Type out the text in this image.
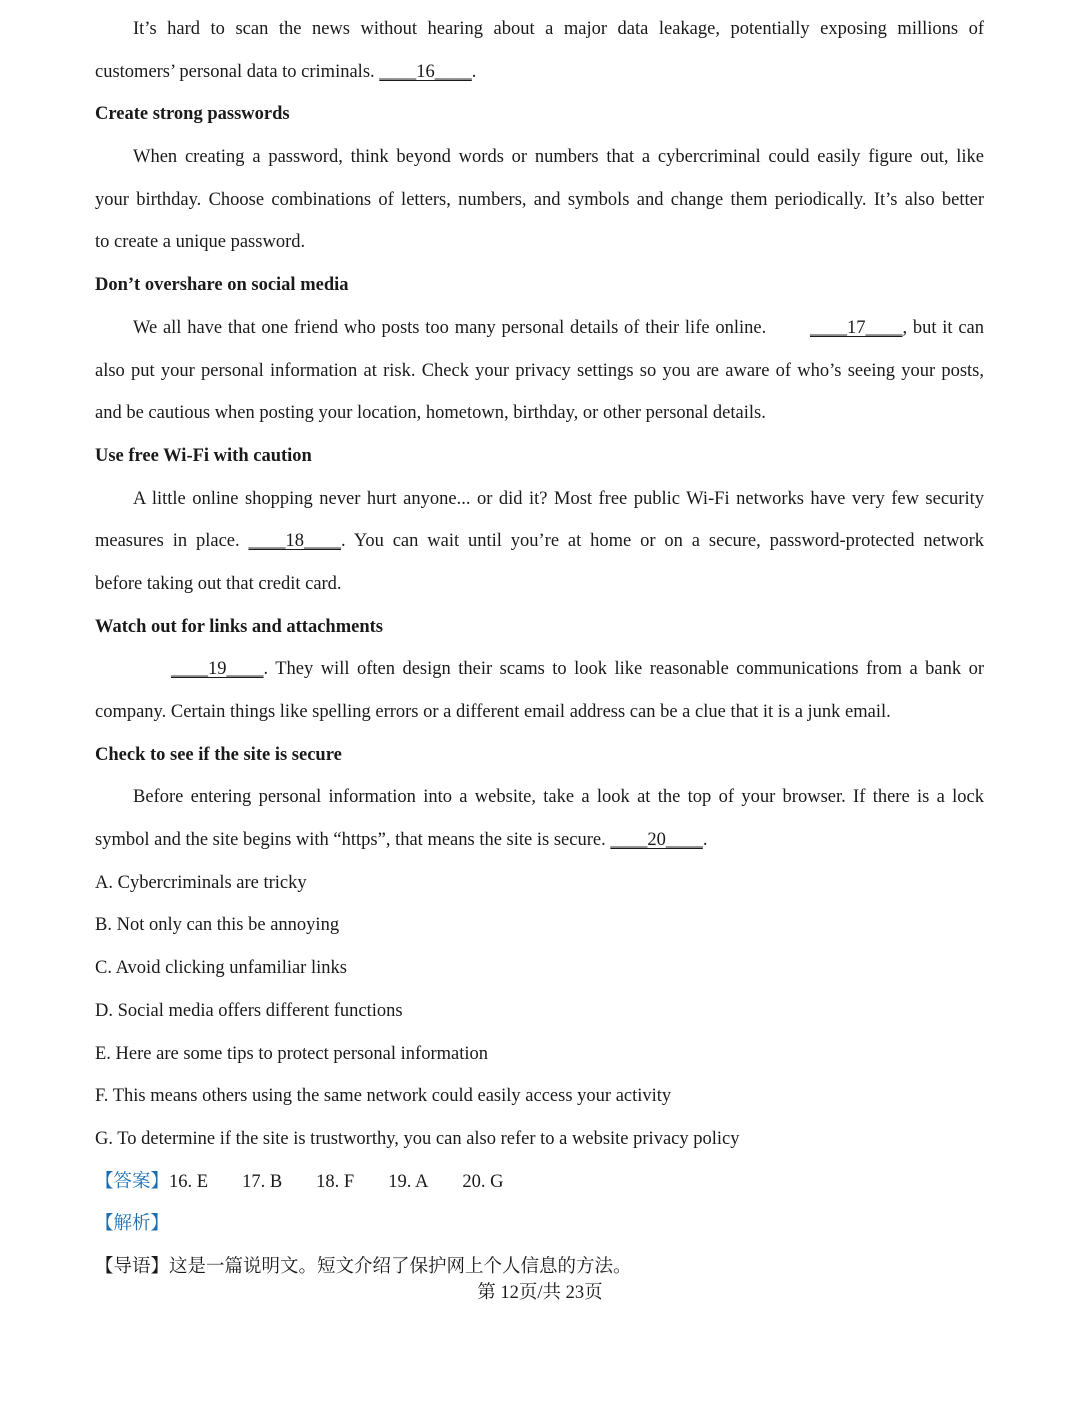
It’s hard to scan the news without hearing about a major data leakage, potentially exposing millions of
customers’ personal data to criminals. ____16____.
Create strong passwords
When creating a password, think beyond words or numbers that a cybercriminal could easily figure out, like
your birthday. Choose combinations of letters, numbers, and symbols and change them periodically. It’s also better
to create a unique password.
Don’t overshare on social media
We all have that one friend who posts too many personal details of their life online. ____17____, but it can
also put your personal information at risk. Check your privacy settings so you are aware of who’s seeing your posts,
and be cautious when posting your location, hometown, birthday, or other personal details.
Use free Wi-Fi with caution
A little online shopping never hurt anyone... or did it? Most free public Wi-Fi networks have very few security
measures in place. ____18____. You can wait until you’re at home or on a secure, password-protected network
before taking out that credit card.
Watch out for links and attachments
____19____. They will often design their scams to look like reasonable communications from a bank or
company. Certain things like spelling errors or a different email address can be a clue that it is a junk email.
Check to see if the site is secure
Before entering personal information into a website, take a look at the top of your browser. If there is a lock
symbol and the site begins with “https”, that means the site is secure. ____20____.
A. Cybercriminals are tricky
B. Not only can this be annoying
C. Avoid clicking unfamiliar links
D. Social media offers different functions
E. Here are some tips to protect personal information
F. This means others using the same network could easily access your activity
G. To determine if the site is trustworthy, you can also refer to a website privacy policy
【答案】16. E 17. B 18. F 19. A 20. G
【解析】
【导语】这是一篇说明文。短文介绍了保护网上个人信息的方法。
第 12页/共 23页
